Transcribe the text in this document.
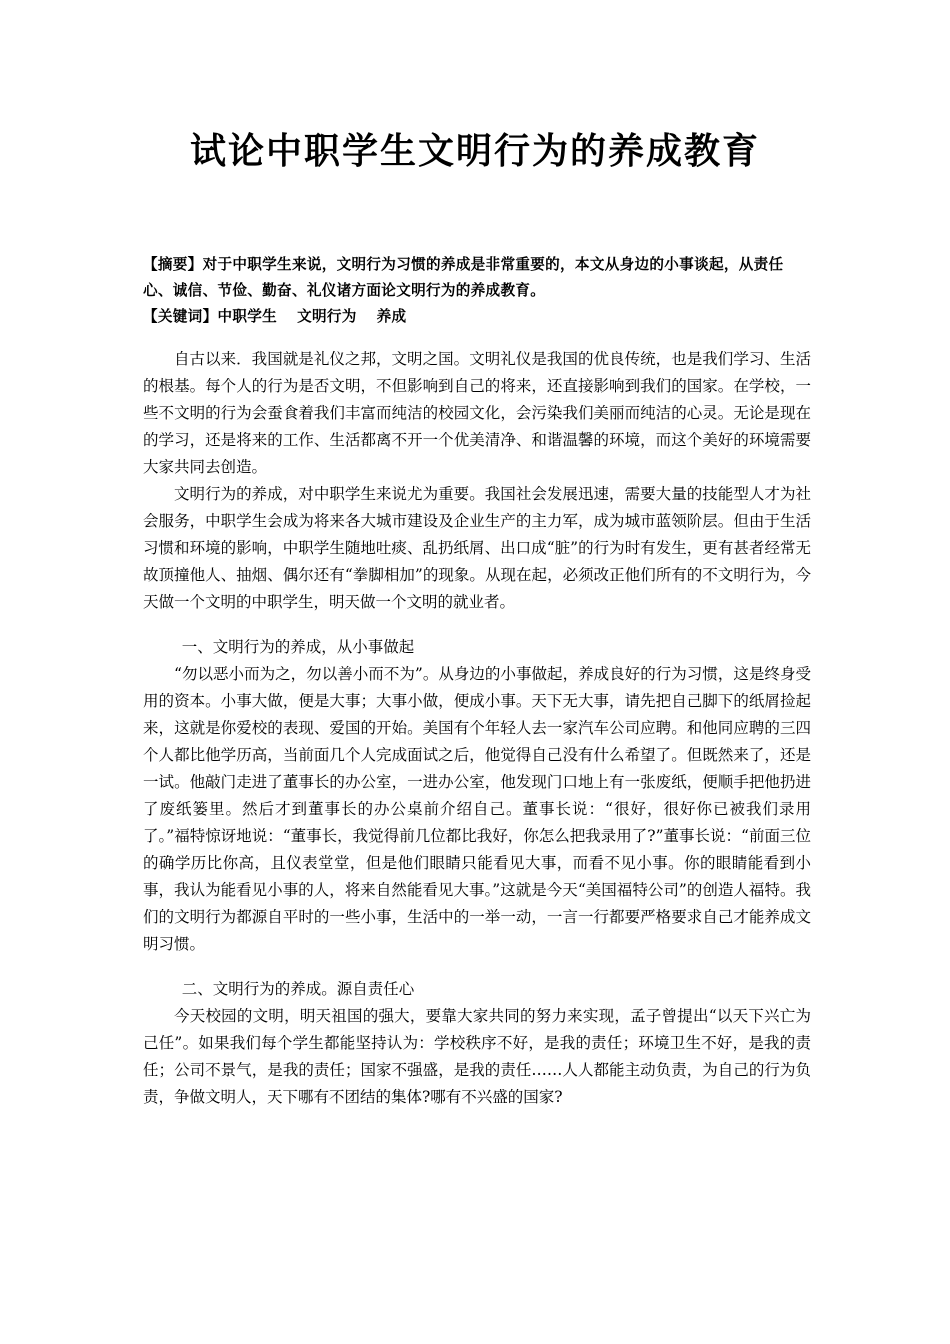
试论中职学生文明行为的养成教育

【摘要】对于中职学生来说，文明行为习惯的养成是非常重要的，本文从身边的小事谈起，从责任心、诚信、节俭、勤奋、礼仪诸方面论文明行为的养成教育。

【关键词】中职学生 文明行为 养成

自古以来．我国就是礼仪之邦，文明之国。文明礼仪是我国的优良传统，也是我们学习、生活的根基。每个人的行为是否文明，不但影响到自己的将来，还直接影响到我们的国家。在学校，一些不文明的行为会蚕食着我们丰富而纯洁的校园文化，会污染我们美丽而纯洁的心灵。无论是现在的学习，还是将来的工作、生活都离不开一个优美清净、和谐温馨的环境，而这个美好的环境需要大家共同去创造。

文明行为的养成，对中职学生来说尤为重要。我国社会发展迅速，需要大量的技能型人才为社会服务，中职学生会成为将来各大城市建设及企业生产的主力军，成为城市蓝领阶层。但由于生活习惯和环境的影响，中职学生随地吐痰、乱扔纸屑、出口成“脏”的行为时有发生，更有甚者经常无故顶撞他人、抽烟、偶尔还有“拳脚相加”的现象。从现在起，必须改正他们所有的不文明行为，今天做一个文明的中职学生，明天做一个文明的就业者。

一、文明行为的养成，从小事做起

“勿以恶小而为之，勿以善小而不为”。从身边的小事做起，养成良好的行为习惯，这是终身受用的资本。小事大做，便是大事；大事小做，便成小事。天下无大事，请先把自己脚下的纸屑捡起来，这就是你爱校的表现、爱国的开始。美国有个年轻人去一家汽车公司应聘。和他同应聘的三四个人都比他学历高，当前面几个人完成面试之后，他觉得自己没有什么希望了。但既然来了，还是一试。他敲门走进了董事长的办公室，一进办公室，他发现门口地上有一张废纸，便顺手把他扔进了废纸篓里。然后才到董事长的办公桌前介绍自己。董事长说：“很好，很好你已被我们录用了。”福特惊讶地说：“董事长，我觉得前几位都比我好，你怎么把我录用了?”董事长说：“前面三位的确学历比你高，且仪表堂堂，但是他们眼睛只能看见大事，而看不见小事。你的眼睛能看到小事，我认为能看见小事的人，将来自然能看见大事。”这就是今天“美国福特公司”的创造人福特。我们的文明行为都源自平时的一些小事，生活中的一举一动，一言一行都要严格要求自己才能养成文明习惯。

二、文明行为的养成。源自责任心

今天校园的文明，明天祖国的强大，要靠大家共同的努力来实现，孟子曾提出“以天下兴亡为己任”。如果我们每个学生都能坚持认为：学校秩序不好，是我的责任；环境卫生不好，是我的责任；公司不景气，是我的责任；国家不强盛，是我的责任……人人都能主动负责，为自己的行为负责，争做文明人，天下哪有不团结的集体?哪有不兴盛的国家?
